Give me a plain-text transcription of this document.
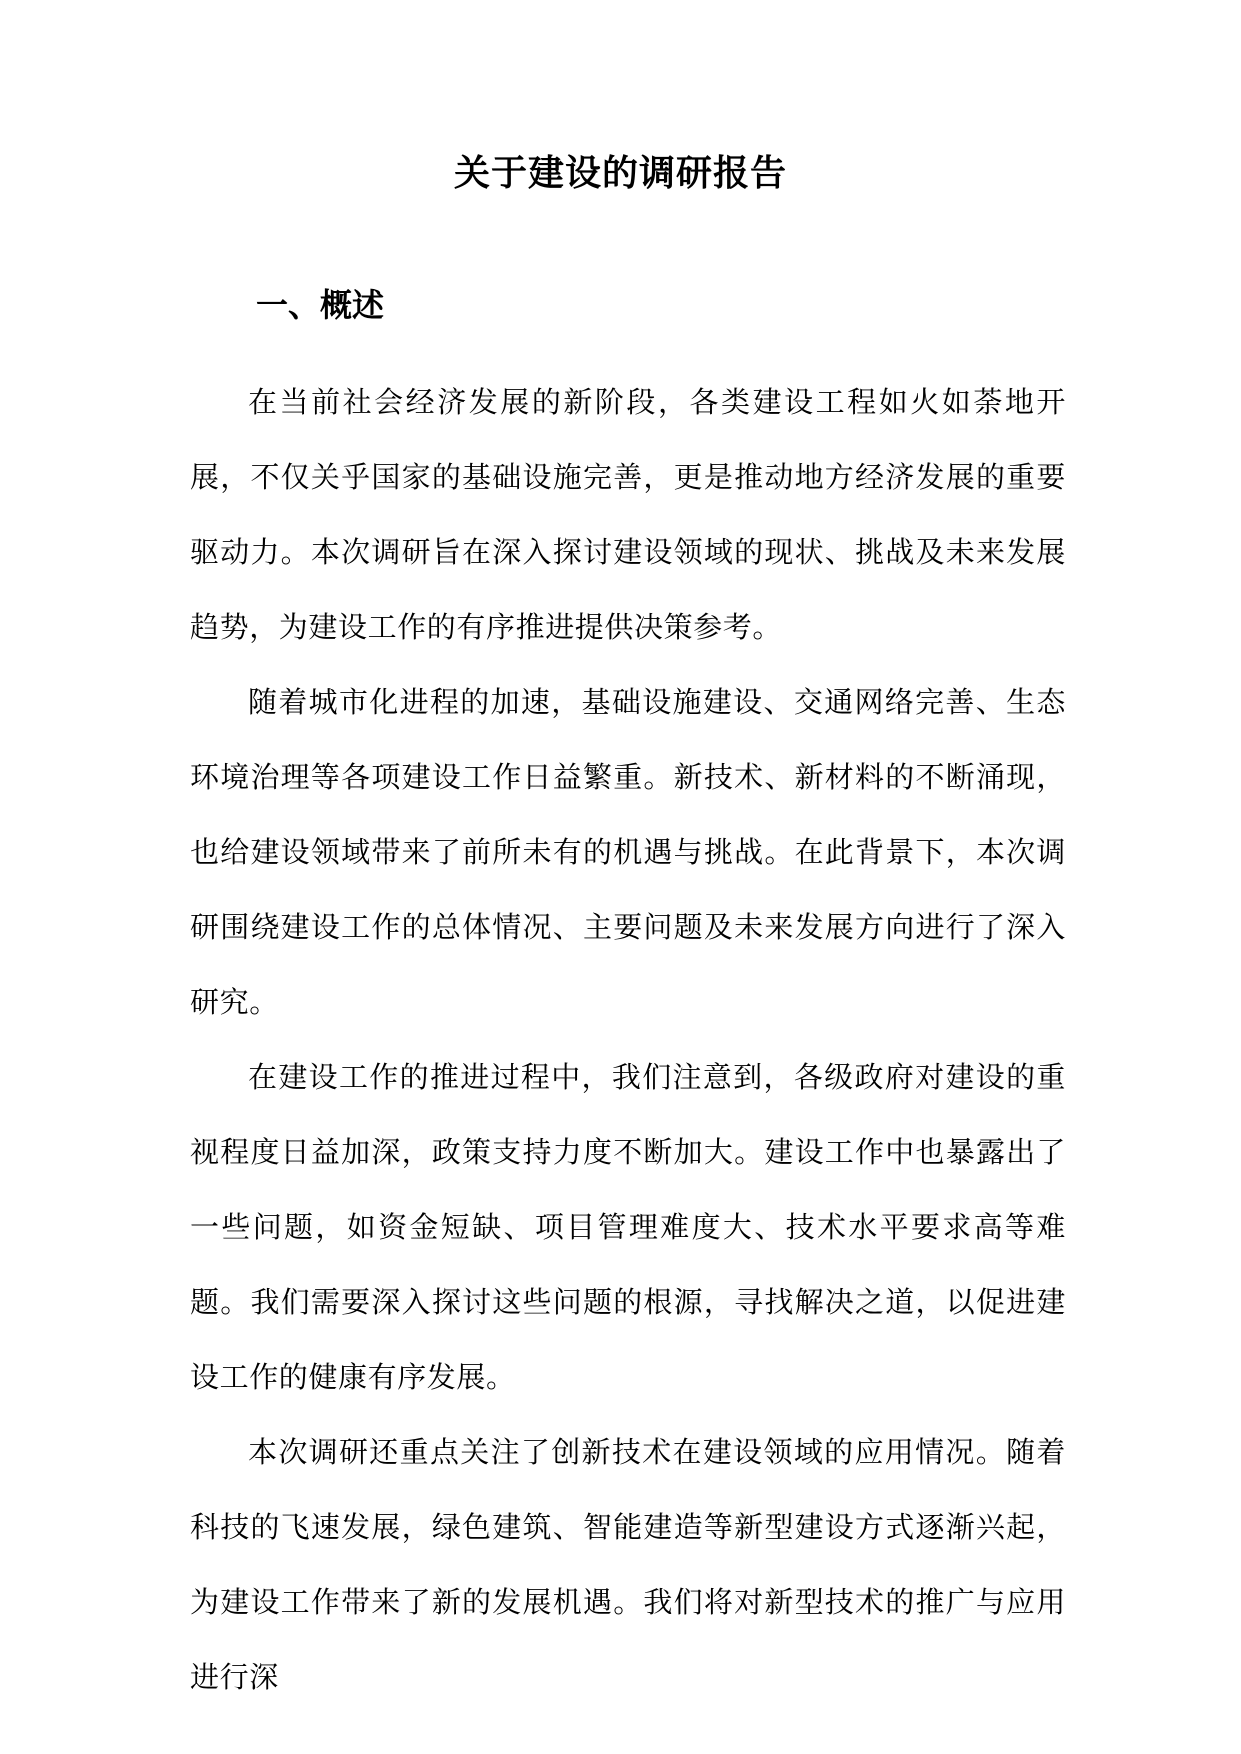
关于建设的调研报告
一、概述

在当前社会经济发展的新阶段，各类建设工程如火如荼地开展，不仅关乎国家的基础设施完善，更是推动地方经济发展的重要驱动力。本次调研旨在深入探讨建设领域的现状、挑战及未来发展趋势，为建设工作的有序推进提供决策参考。

随着城市化进程的加速，基础设施建设、交通网络完善、生态环境治理等各项建设工作日益繁重。新技术、新材料的不断涌现，也给建设领域带来了前所未有的机遇与挑战。在此背景下，本次调研围绕建设工作的总体情况、主要问题及未来发展方向进行了深入研究。

在建设工作的推进过程中，我们注意到，各级政府对建设的重视程度日益加深，政策支持力度不断加大。建设工作中也暴露出了一些问题，如资金短缺、项目管理难度大、技术水平要求高等难题。我们需要深入探讨这些问题的根源，寻找解决之道，以促进建设工作的健康有序发展。

本次调研还重点关注了创新技术在建设领域的应用情况。随着科技的飞速发展，绿色建筑、智能建造等新型建设方式逐渐兴起，为建设工作带来了新的发展机遇。我们将对新型技术的推广与应用进行深
